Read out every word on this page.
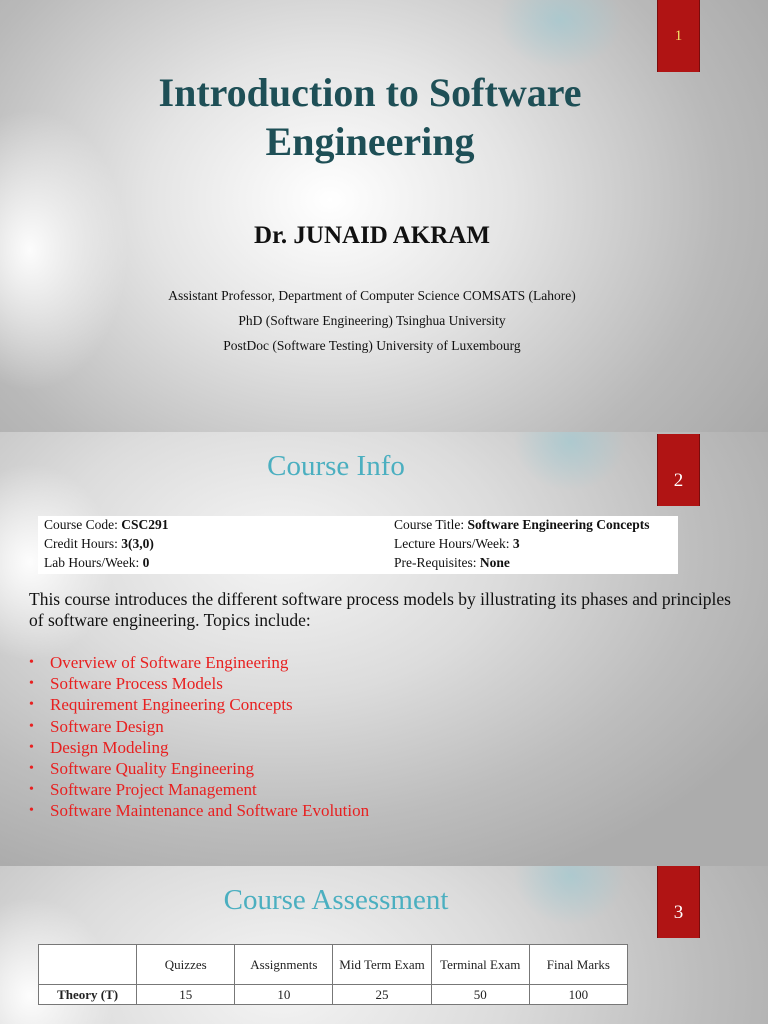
1
Introduction to Software
Engineering
Dr. JUNAID AKRAM
Assistant Professor, Department of Computer Science COMSATS (Lahore)
PhD (Software Engineering) Tsinghua University
PostDoc (Software Testing) University of Luxembourg
2
Course Info
Course Code: CSC291	Course Title: Software Engineering Concepts
Credit Hours: 3(3,0)	Lecture Hours/Week: 3
Lab Hours/Week: 0	Pre-Requisites: None
This course introduces the different software process models by illustrating its phases and principles of software engineering. Topics include:
• Overview of Software Engineering
• Software Process Models
• Requirement Engineering Concepts
• Software Design
• Design Modeling
• Software Quality Engineering
• Software Project Management
• Software Maintenance and Software Evolution
3
Course Assessment
	Quizzes	Assignments	Mid Term Exam	Terminal Exam	Final Marks
Theory (T)	15	10	25	50	100
